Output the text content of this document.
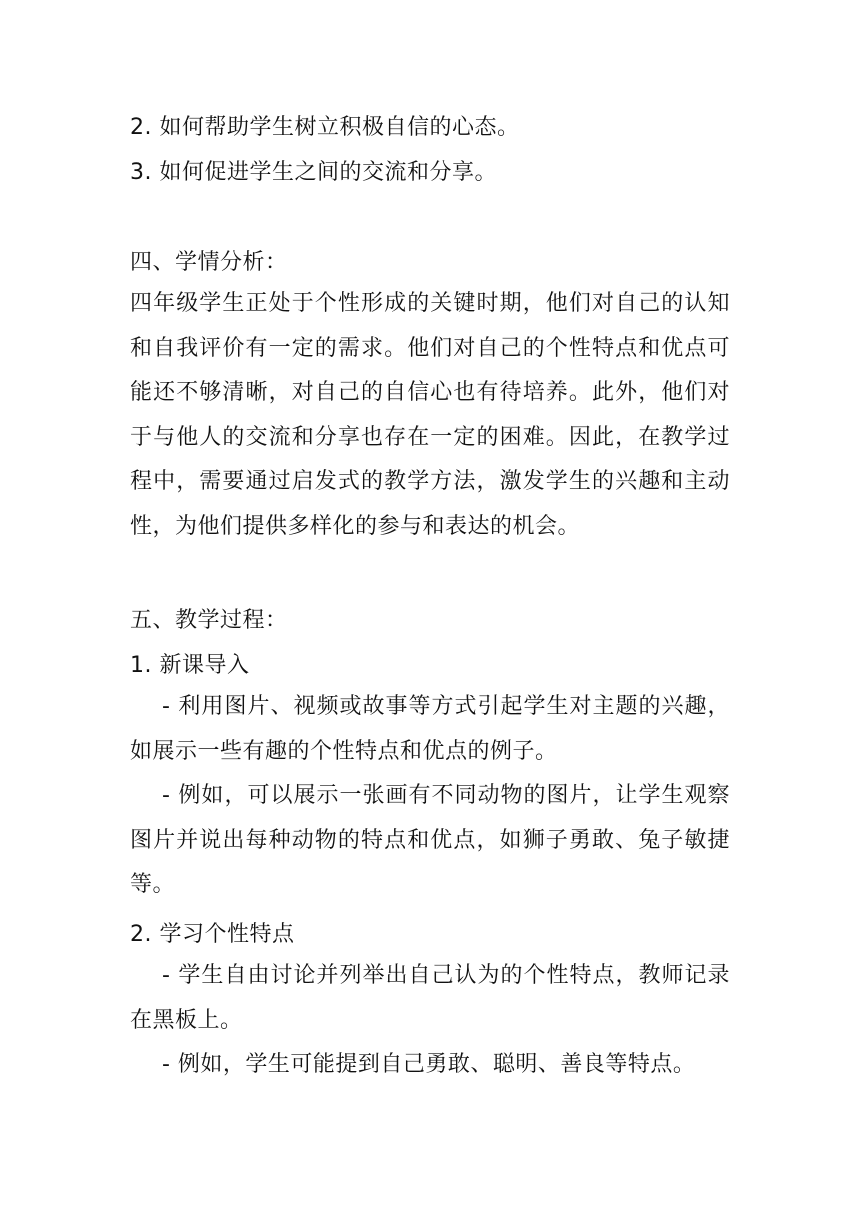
2. 如何帮助学生树立积极自信的心态。
3. 如何促进学生之间的交流和分享。
四、学情分析：
四年级学生正处于个性形成的关键时期，他们对自己的认知和自我评价有一定的需求。他们对自己的个性特点和优点可能还不够清晰，对自己的自信心也有待培养。此外，他们对于与他人的交流和分享也存在一定的困难。因此，在教学过程中，需要通过启发式的教学方法，激发学生的兴趣和主动性，为他们提供多样化的参与和表达的机会。
五、教学过程：
1. 新课导入
- 利用图片、视频或故事等方式引起学生对主题的兴趣，如展示一些有趣的个性特点和优点的例子。
- 例如，可以展示一张画有不同动物的图片，让学生观察图片并说出每种动物的特点和优点，如狮子勇敢、兔子敏捷等。
2. 学习个性特点
- 学生自由讨论并列举出自己认为的个性特点，教师记录在黑板上。
- 例如，学生可能提到自己勇敢、聪明、善良等特点。
